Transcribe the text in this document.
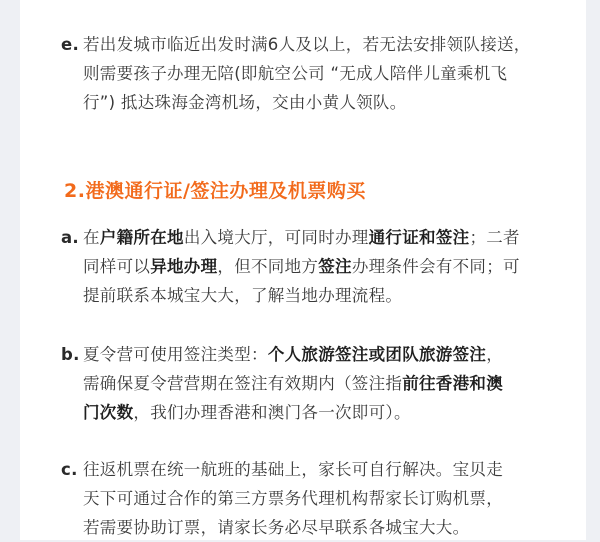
e. 若出发城市临近出发时满6人及以上，若无法安排领队接送，
则需要孩子办理无陪(即航空公司 “无成人陪伴儿童乘机飞
行”) 抵达珠海金湾机场，交由小黄人领队。
2.港澳通行证/签注办理及机票购买
a. 在户籍所在地出入境大厅，可同时办理通行证和签注；二者
同样可以异地办理，但不同地方签注办理条件会有不同；可
提前联系本城宝大大，了解当地办理流程。
b. 夏令营可使用签注类型：个人旅游签注或团队旅游签注，
需确保夏令营营期在签注有效期内（签注指前往香港和澳
门次数，我们办理香港和澳门各一次即可）。
c. 往返机票在统一航班的基础上，家长可自行解决。宝贝走
天下可通过合作的第三方票务代理机构帮家长订购机票，
若需要协助订票，请家长务必尽早联系各城宝大大。
